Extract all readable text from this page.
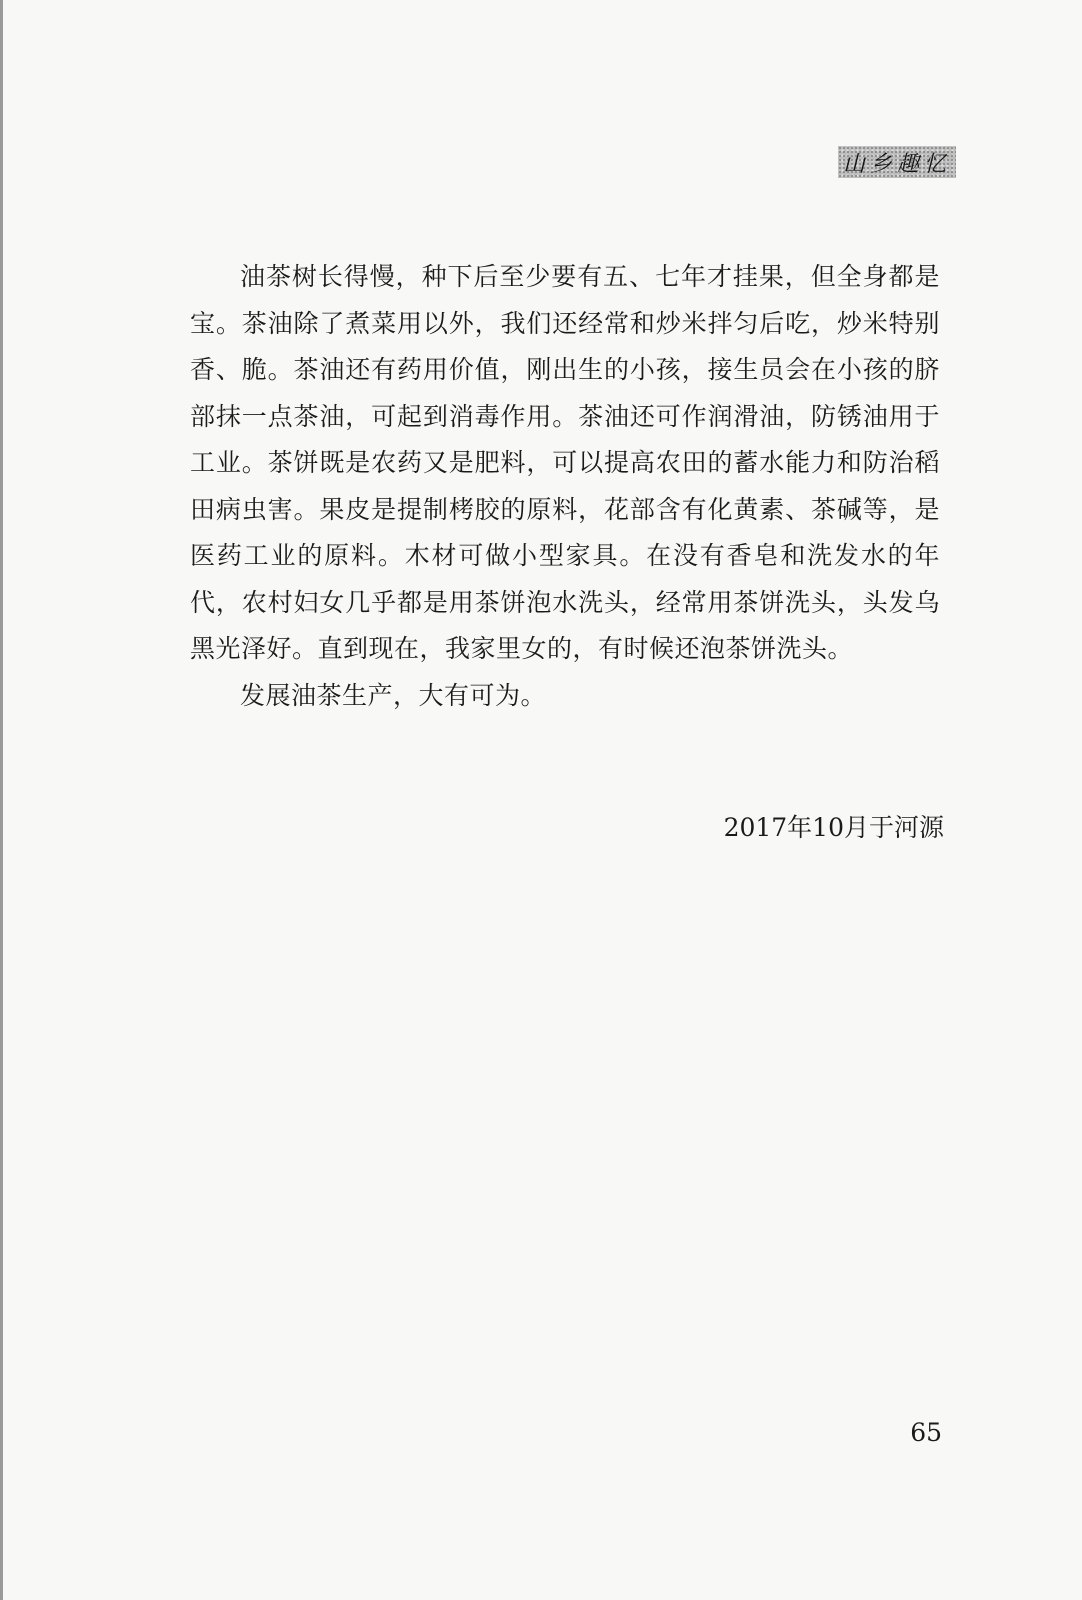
山乡趣忆

油茶树长得慢，种下后至少要有五、七年才挂果，但全身都是宝。茶油除了煮菜用以外，我们还经常和炒米拌匀后吃，炒米特别香、脆。茶油还有药用价值，刚出生的小孩，接生员会在小孩的脐部抹一点茶油，可起到消毒作用。茶油还可作润滑油，防锈油用于工业。茶饼既是农药又是肥料，可以提高农田的蓄水能力和防治稻田病虫害。果皮是提制栲胶的原料，花部含有化黄素、茶碱等，是医药工业的原料。木材可做小型家具。在没有香皂和洗发水的年代，农村妇女几乎都是用茶饼泡水洗头，经常用茶饼洗头，头发乌黑光泽好。直到现在，我家里女的，有时候还泡茶饼洗头。

发展油茶生产，大有可为。

2017年10月于河源
65
